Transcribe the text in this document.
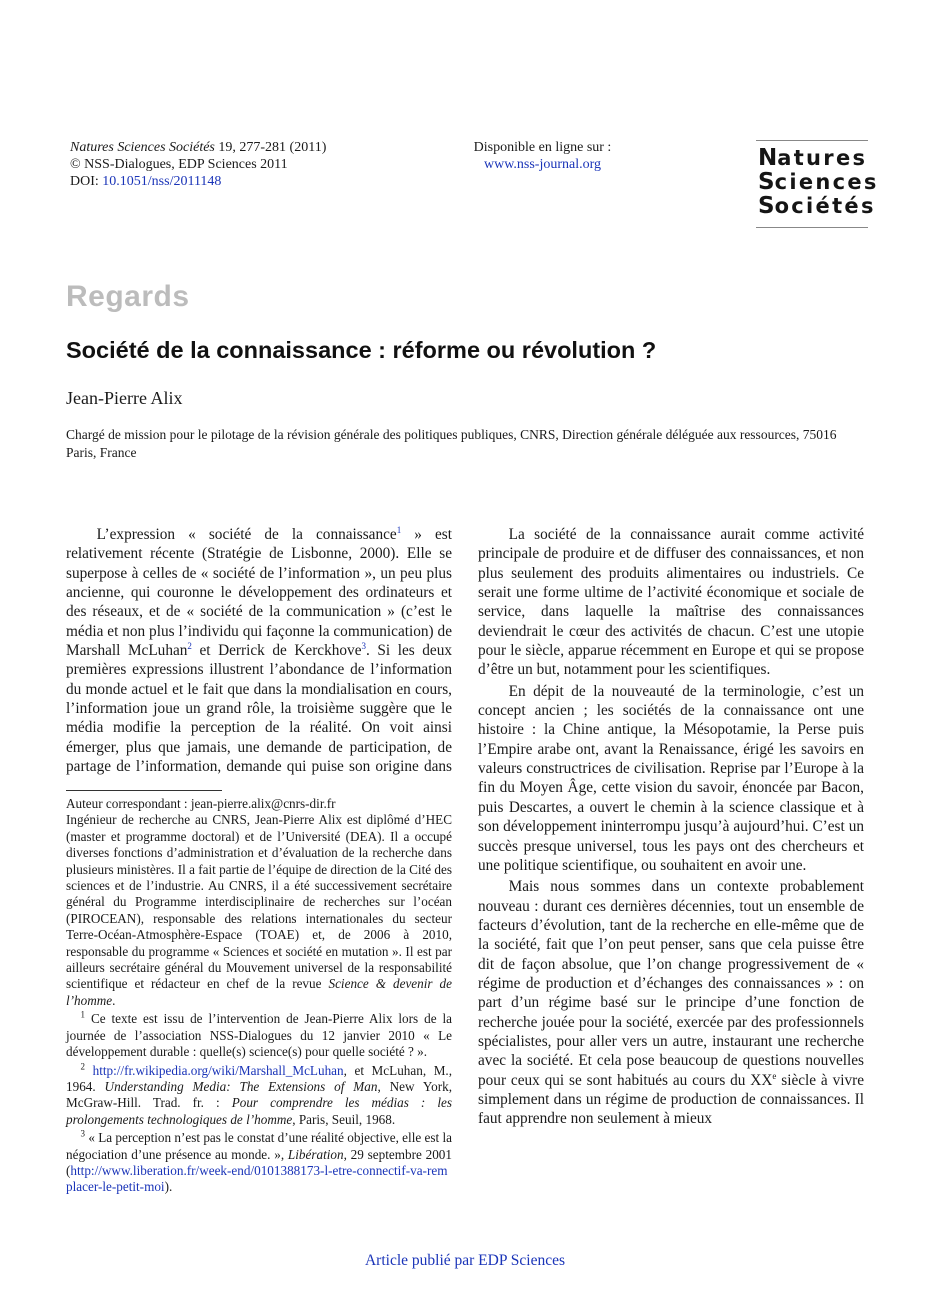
Natures Sciences Sociétés 19, 277-281 (2011)
© NSS-Dialogues, EDP Sciences 2011
DOI: 10.1051/nss/2011148
Disponible en ligne sur :
www.nss-journal.org	Natures
Sciences
Sociétés
Regards
Société de la connaissance : réforme ou révolution ?
Jean-Pierre Alix
Chargé de mission pour le pilotage de la révision générale des politiques publiques, CNRS, Direction générale déléguée aux ressources, 75016 Paris, France

L’expression « société de la connaissance$^1$ » est relativement récente (Stratégie de Lisbonne, 2000). Elle se superpose à celles de « société de l’information », un peu plus ancienne, qui couronne le développement des ordinateurs et des réseaux, et de « société de la communication » (c’est le média et non plus l’individu qui façonne la communication) de Marshall McLuhan$^2$ et Derrick de Kerckhove$^3$. Si les deux premières expressions illustrent l’abondance de l’information du monde actuel et le fait que dans la mondialisation en cours, l’information joue un grand rôle, la troisième suggère que le média modifie la perception de la réalité. On voit ainsi émerger, plus que jamais, une demande de participation, de partage de l’information, demande qui puise son origine dans

Auteur correspondant : jean-pierre.alix@cnrs-dir.fr

Ingénieur de recherche au CNRS, Jean-Pierre Alix est diplômé d’HEC (master et programme doctoral) et de l’Université (DEA). Il a occupé diverses fonctions d’administration et d’évaluation de la recherche dans plusieurs ministères. Il a fait partie de l’équipe de direction de la Cité des sciences et de l’industrie. Au CNRS, il a été successivement secrétaire général du Programme interdisciplinaire de recherches sur l’océan (PIROCEAN), responsable des relations internationales du secteur Terre-Océan-Atmosphère-Espace (TOAE) et, de 2006 à 2010, responsable du programme « Sciences et société en mutation ». Il est par ailleurs secrétaire général du Mouvement universel de la responsabilité scientifique et rédacteur en chef de la revue Science & devenir de l’homme.

$^1$ Ce texte est issu de l’intervention de Jean-Pierre Alix lors de la journée de l’association NSS-Dialogues du 12 janvier 2010 « Le développement durable : quelle(s) science(s) pour quelle société ? ».

$^2$ http://fr.wikipedia.org/wiki/Marshall_McLuhan, et McLuhan, M., 1964. Understanding Media: The Extensions of Man, New York, McGraw-Hill. Trad. fr. : Pour comprendre les médias : les prolongements technologiques de l’homme, Paris, Seuil, 1968.

$^3$ « La perception n’est pas le constat d’une réalité objective, elle est la négociation d’une présence au monde. », Libération, 29 septembre 2001 (http://www.liberation.fr/week-end/0101388173-l-etre-connectif-va-remplacer-le-petit-moi).

La société de la connaissance aurait comme activité principale de produire et de diffuser des connaissances, et non plus seulement des produits alimentaires ou industriels. Ce serait une forme ultime de l’activité économique et sociale de service, dans laquelle la maîtrise des connaissances deviendrait le cœur des activités de chacun. C’est une utopie pour le siècle, apparue récemment en Europe et qui se propose d’être un but, notamment pour les scientifiques.

En dépit de la nouveauté de la terminologie, c’est un concept ancien ; les sociétés de la connaissance ont une histoire : la Chine antique, la Mésopotamie, la Perse puis l’Empire arabe ont, avant la Renaissance, érigé les savoirs en valeurs constructrices de civilisation. Reprise par l’Europe à la fin du Moyen Âge, cette vision du savoir, énoncée par Bacon, puis Descartes, a ouvert le chemin à la science classique et à son développement ininterrompu jusqu’à aujourd’hui. C’est un succès presque universel, tous les pays ont des chercheurs et une politique scientifique, ou souhaitent en avoir une.

Mais nous sommes dans un contexte probablement nouveau : durant ces dernières décennies, tout un ensemble de facteurs d’évolution, tant de la recherche en elle-même que de la société, fait que l’on peut penser, sans que cela puisse être dit de façon absolue, que l’on change progressivement de « régime de production et d’échanges des connaissances » : on part d’un régime basé sur le principe d’une fonction de recherche jouée pour la société, exercée par des professionnels spécialistes, pour aller vers un autre, instaurant une recherche avec la société. Et cela pose beaucoup de questions nouvelles pour ceux qui se sont habitués au cours du XXe siècle à vivre simplement dans un régime de production de connaissances. Il faut apprendre non seulement à mieux

Article publié par EDP Sciences
